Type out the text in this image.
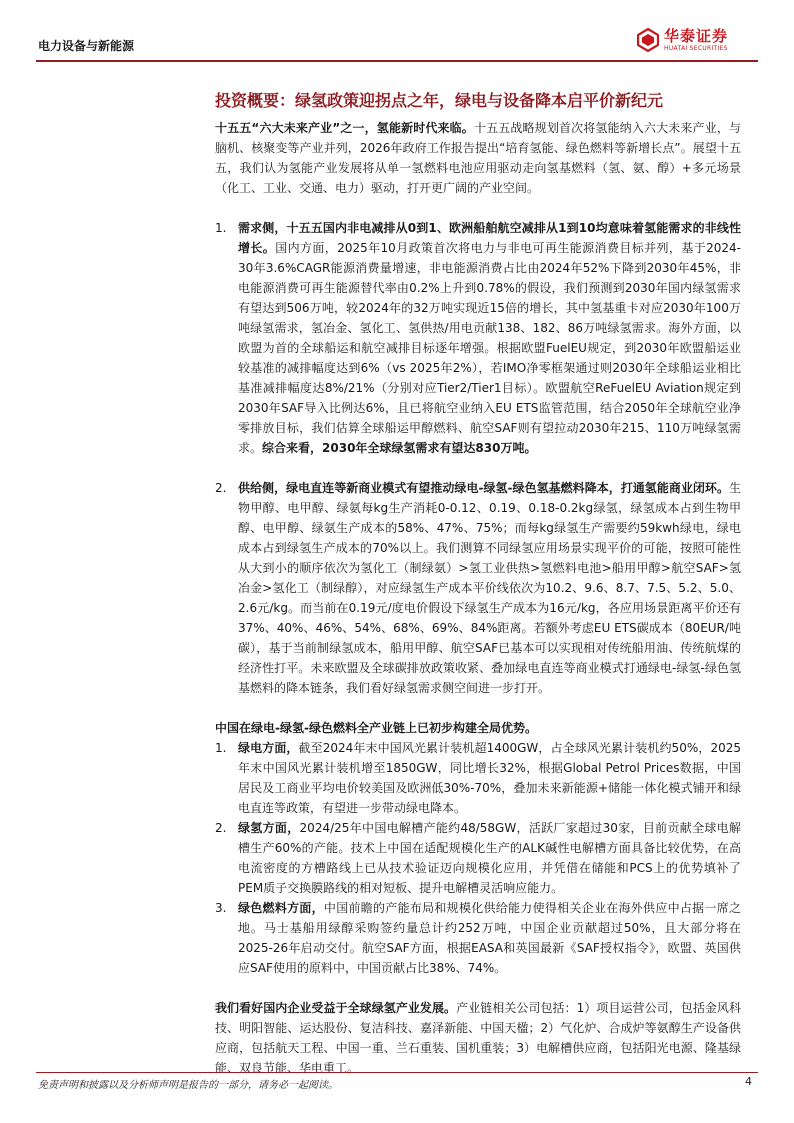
电力设备与新能源
华泰证券
HUATAI SECURITIES
投资概要：绿氢政策迎拐点之年，绿电与设备降本启平价新纪元

十五五“六大未来产业”之一，氢能新时代来临。十五五战略规划首次将氢能纳入六大未来产业，与脑机、核聚变等产业并列，2026年政府工作报告提出“培育氢能、绿色燃料等新增长点”。展望十五五，我们认为氢能产业发展将从单一氢燃料电池应用驱动走向氢基燃料（氢、氨、醇）+多元场景（化工、工业、交通、电力）驱动，打开更广阔的产业空间。

1. 需求侧，十五五国内非电减排从0到1、欧洲船舶航空减排从1到10均意味着氢能需求的非线性增长。国内方面，2025年10月政策首次将电力与非电可再生能源消费目标并列，基于2024-30年3.6%CAGR能源消费量增速，非电能源消费占比由2024年52%下降到2030年45%，非电能源消费可再生能源替代率由0.2%上升到0.78%的假设，我们预测到2030年国内绿氢需求有望达到506万吨，较2024年的32万吨实现近15倍的增长，其中氢基重卡对应2030年100万吨绿氢需求，氢冶金、氢化工、氢供热/用电贡献138、182、86万吨绿氢需求。海外方面，以欧盟为首的全球船运和航空减排目标逐年增强。根据欧盟FuelEU规定，到2030年欧盟船运业较基准的减排幅度达到6%（vs 2025年2%），若IMO净零框架通过则2030年全球船运业相比基准减排幅度达8%/21%（分别对应Tier2/Tier1目标）。欧盟航空ReFuelEU Aviation规定到2030年SAF导入比例达6%，且已将航空业纳入EU ETS监管范围，结合2050年全球航空业净零排放目标，我们估算全球船运甲醇燃料、航空SAF则有望拉动2030年215、110万吨绿氢需求。综合来看，2030年全球绿氢需求有望达830万吨。
2. 供给侧，绿电直连等新商业模式有望推动绿电-绿氢-绿色氢基燃料降本，打通氢能商业闭环。生物甲醇、电甲醇、绿氨每kg生产消耗0-0.12、0.19、0.18-0.2kg绿氢，绿氢成本占到生物甲醇、电甲醇、绿氨生产成本的58%、47%、75%；而每kg绿氢生产需要约59kwh绿电，绿电成本占到绿氢生产成本的70%以上。我们测算不同绿氢应用场景实现平价的可能，按照可能性从大到小的顺序依次为氢化工（制绿氨）>氢工业供热>氢燃料电池>船用甲醇>航空SAF>氢冶金>氢化工（制绿醇），对应绿氢生产成本平价线依次为10.2、9.6、8.7、7.5、5.2、5.0、2.6元/kg。而当前在0.19元/度电价假设下绿氢生产成本为16元/kg，各应用场景距离平价还有37%、40%、46%、54%、68%、69%、84%距离。若额外考虑EU ETS碳成本（80EUR/吨碳），基于当前制绿氢成本，船用甲醇、航空SAF已基本可以实现相对传统船用油、传统航煤的经济性打平。未来欧盟及全球碳排放政策收紧、叠加绿电直连等商业模式打通绿电-绿氢-绿色氢基燃料的降本链条，我们看好绿氢需求侧空间进一步打开。

中国在绿电-绿氢-绿色燃料全产业链上已初步构建全局优势。

1. 绿电方面，截至2024年末中国风光累计装机超1400GW，占全球风光累计装机约50%，2025年末中国风光累计装机增至1850GW，同比增长32%，根据Global Petrol Prices数据，中国居民及工商业平均电价较美国及欧洲低30%-70%，叠加未来新能源+储能一体化模式铺开和绿电直连等政策，有望进一步带动绿电降本。
2. 绿氢方面，2024/25年中国电解槽产能约48/58GW，活跃厂家超过30家，目前贡献全球电解槽生产60%的产能。技术上中国在适配规模化生产的ALK碱性电解槽方面具备比较优势，在高电流密度的方槽路线上已从技术验证迈向规模化应用，并凭借在储能和PCS上的优势填补了PEM质子交换膜路线的相对短板、提升电解槽灵活响应能力。
3. 绿色燃料方面，中国前瞻的产能布局和规模化供给能力使得相关企业在海外供应中占据一席之地。马士基船用绿醇采购签约量总计约252万吨，中国企业贡献超过50%，且大部分将在2025-26年启动交付。航空SAF方面，根据EASA和英国最新《SAF授权指令》，欧盟、英国供应SAF使用的原料中，中国贡献占比38%、74%。

我们看好国内企业受益于全球绿氢产业发展。产业链相关公司包括：1）项目运营公司，包括金风科技、明阳智能、运达股份、复洁科技、嘉泽新能、中国天楹；2）气化炉、合成炉等氨醇生产设备供应商，包括航天工程、中国一重、兰石重装、国机重装；3）电解槽供应商，包括阳光电源、隆基绿能、双良节能、华电重工。

免责声明和披露以及分析师声明是报告的一部分，请务必一起阅读。	4
